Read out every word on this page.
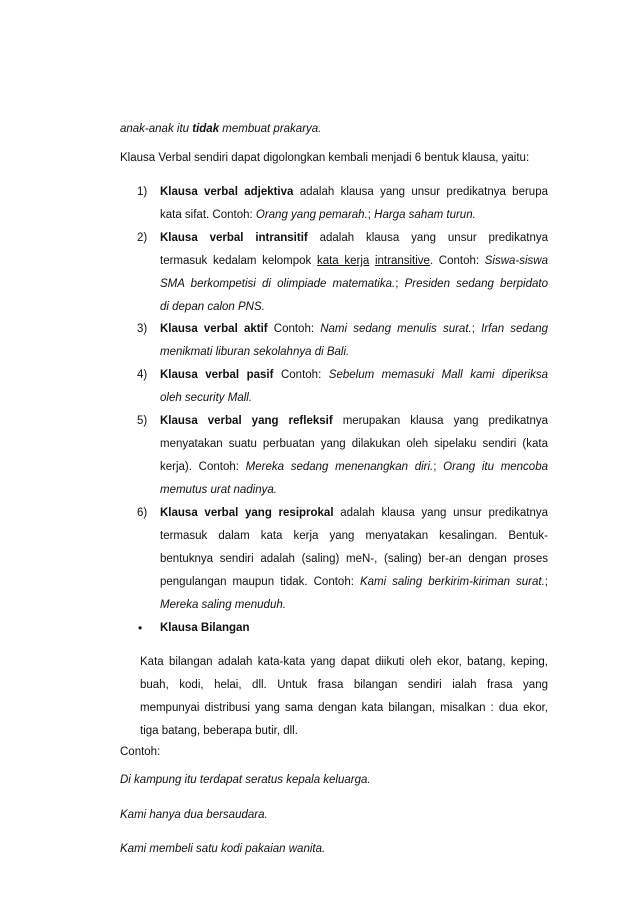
anak-anak itu tidak membuat prakarya.
Klausa Verbal sendiri dapat digolongkan kembali menjadi 6 bentuk klausa, yaitu:
1) Klausa verbal adjektiva adalah klausa yang unsur predikatnya berupa
kata sifat. Contoh: Orang yang pemarah.; Harga saham turun.
2) Klausa verbal intransitif adalah klausa yang unsur predikatnya
termasuk kedalam kelompok kata kerja intransitive. Contoh: Siswa-siswa
SMA berkompetisi di olimpiade matematika.; Presiden sedang berpidato
di depan calon PNS.
3) Klausa verbal aktif Contoh: Nami sedang menulis surat.; Irfan sedang
menikmati liburan sekolahnya di Bali.
4) Klausa verbal pasif Contoh: Sebelum memasuki Mall kami diperiksa
oleh security Mall.
5) Klausa verbal yang refleksif merupakan klausa yang predikatnya
menyatakan suatu perbuatan yang dilakukan oleh sipelaku sendiri (kata
kerja). Contoh: Mereka sedang menenangkan diri.; Orang itu mencoba
memutus urat nadinya.
6) Klausa verbal yang resiprokal adalah klausa yang unsur predikatnya
termasuk dalam kata kerja yang menyatakan kesalingan. Bentuk-
bentuknya sendiri adalah (saling) meN-, (saling) ber-an dengan proses
pengulangan maupun tidak. Contoh: Kami saling berkirim-kiriman surat.;
Mereka saling menuduh.
• Klausa Bilangan
Kata bilangan adalah kata-kata yang dapat diikuti oleh ekor, batang, keping,
buah, kodi, helai, dll. Untuk frasa bilangan sendiri ialah frasa yang
mempunyai distribusi yang sama dengan kata bilangan, misalkan : dua ekor,
tiga batang, beberapa butir, dll.
Contoh:
Di kampung itu terdapat seratus kepala keluarga.
Kami hanya dua bersaudara.
Kami membeli satu kodi pakaian wanita.
